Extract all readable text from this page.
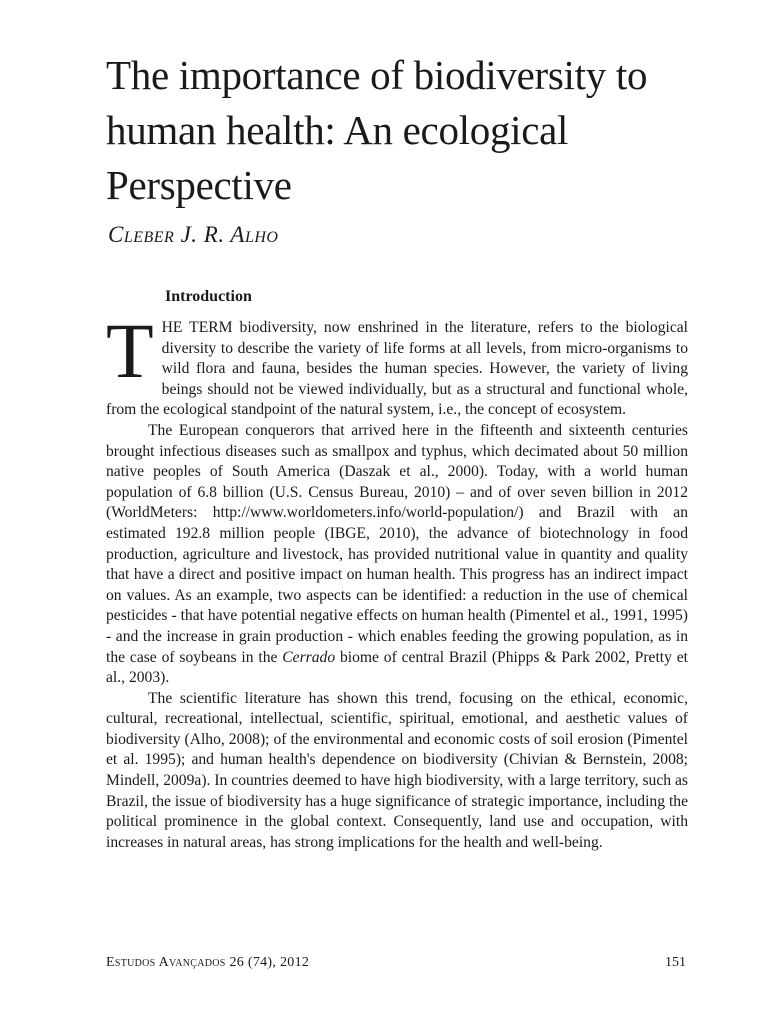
The importance of biodiversity to human health: An ecological Perspective
Cleber J. R. Alho
Introduction

T HE TERM biodiversity, now enshrined in the literature, refers to the biological diversity to describe the variety of life forms at all levels, from micro-organisms to wild flora and fauna, besides the human species. However, the variety of living beings should not be viewed individually, but as a structural and functional whole, from the ecological standpoint of the natural system, i.e., the concept of ecosystem.

The European conquerors that arrived here in the fifteenth and sixteenth centuries brought infectious diseases such as smallpox and typhus, which decimated about 50 million native peoples of South America (Daszak et al., 2000). Today, with a world human population of 6.8 billion (U.S. Census Bureau, 2010) – and of over seven billion in 2012 (WorldMeters: http://www.worldometers.info/world-population/) and Brazil with an estimated 192.8 million people (IBGE, 2010), the advance of biotechnology in food production, agriculture and livestock, has provided nutritional value in quantity and quality that have a direct and positive impact on human health. This progress has an indirect impact on values. As an example, two aspects can be identified: a reduction in the use of chemical pesticides - that have potential negative effects on human health (Pimentel et al., 1991, 1995) - and the increase in grain production - which enables feeding the growing population, as in the case of soybeans in the Cerrado biome of central Brazil (Phipps & Park 2002, Pretty et al., 2003).

The scientific literature has shown this trend, focusing on the ethical, economic, cultural, recreational, intellectual, scientific, spiritual, emotional, and aesthetic values of biodiversity (Alho, 2008); of the environmental and economic costs of soil erosion (Pimentel et al. 1995); and human health's dependence on biodiversity (Chivian & Bernstein, 2008; Mindell, 2009a). In countries deemed to have high biodiversity, with a large territory, such as Brazil, the issue of biodiversity has a huge significance of strategic importance, including the political prominence in the global context. Consequently, land use and occupation, with increases in natural areas, has strong implications for the health and well-being.

Estudos Avançados 26 (74), 2012	151
